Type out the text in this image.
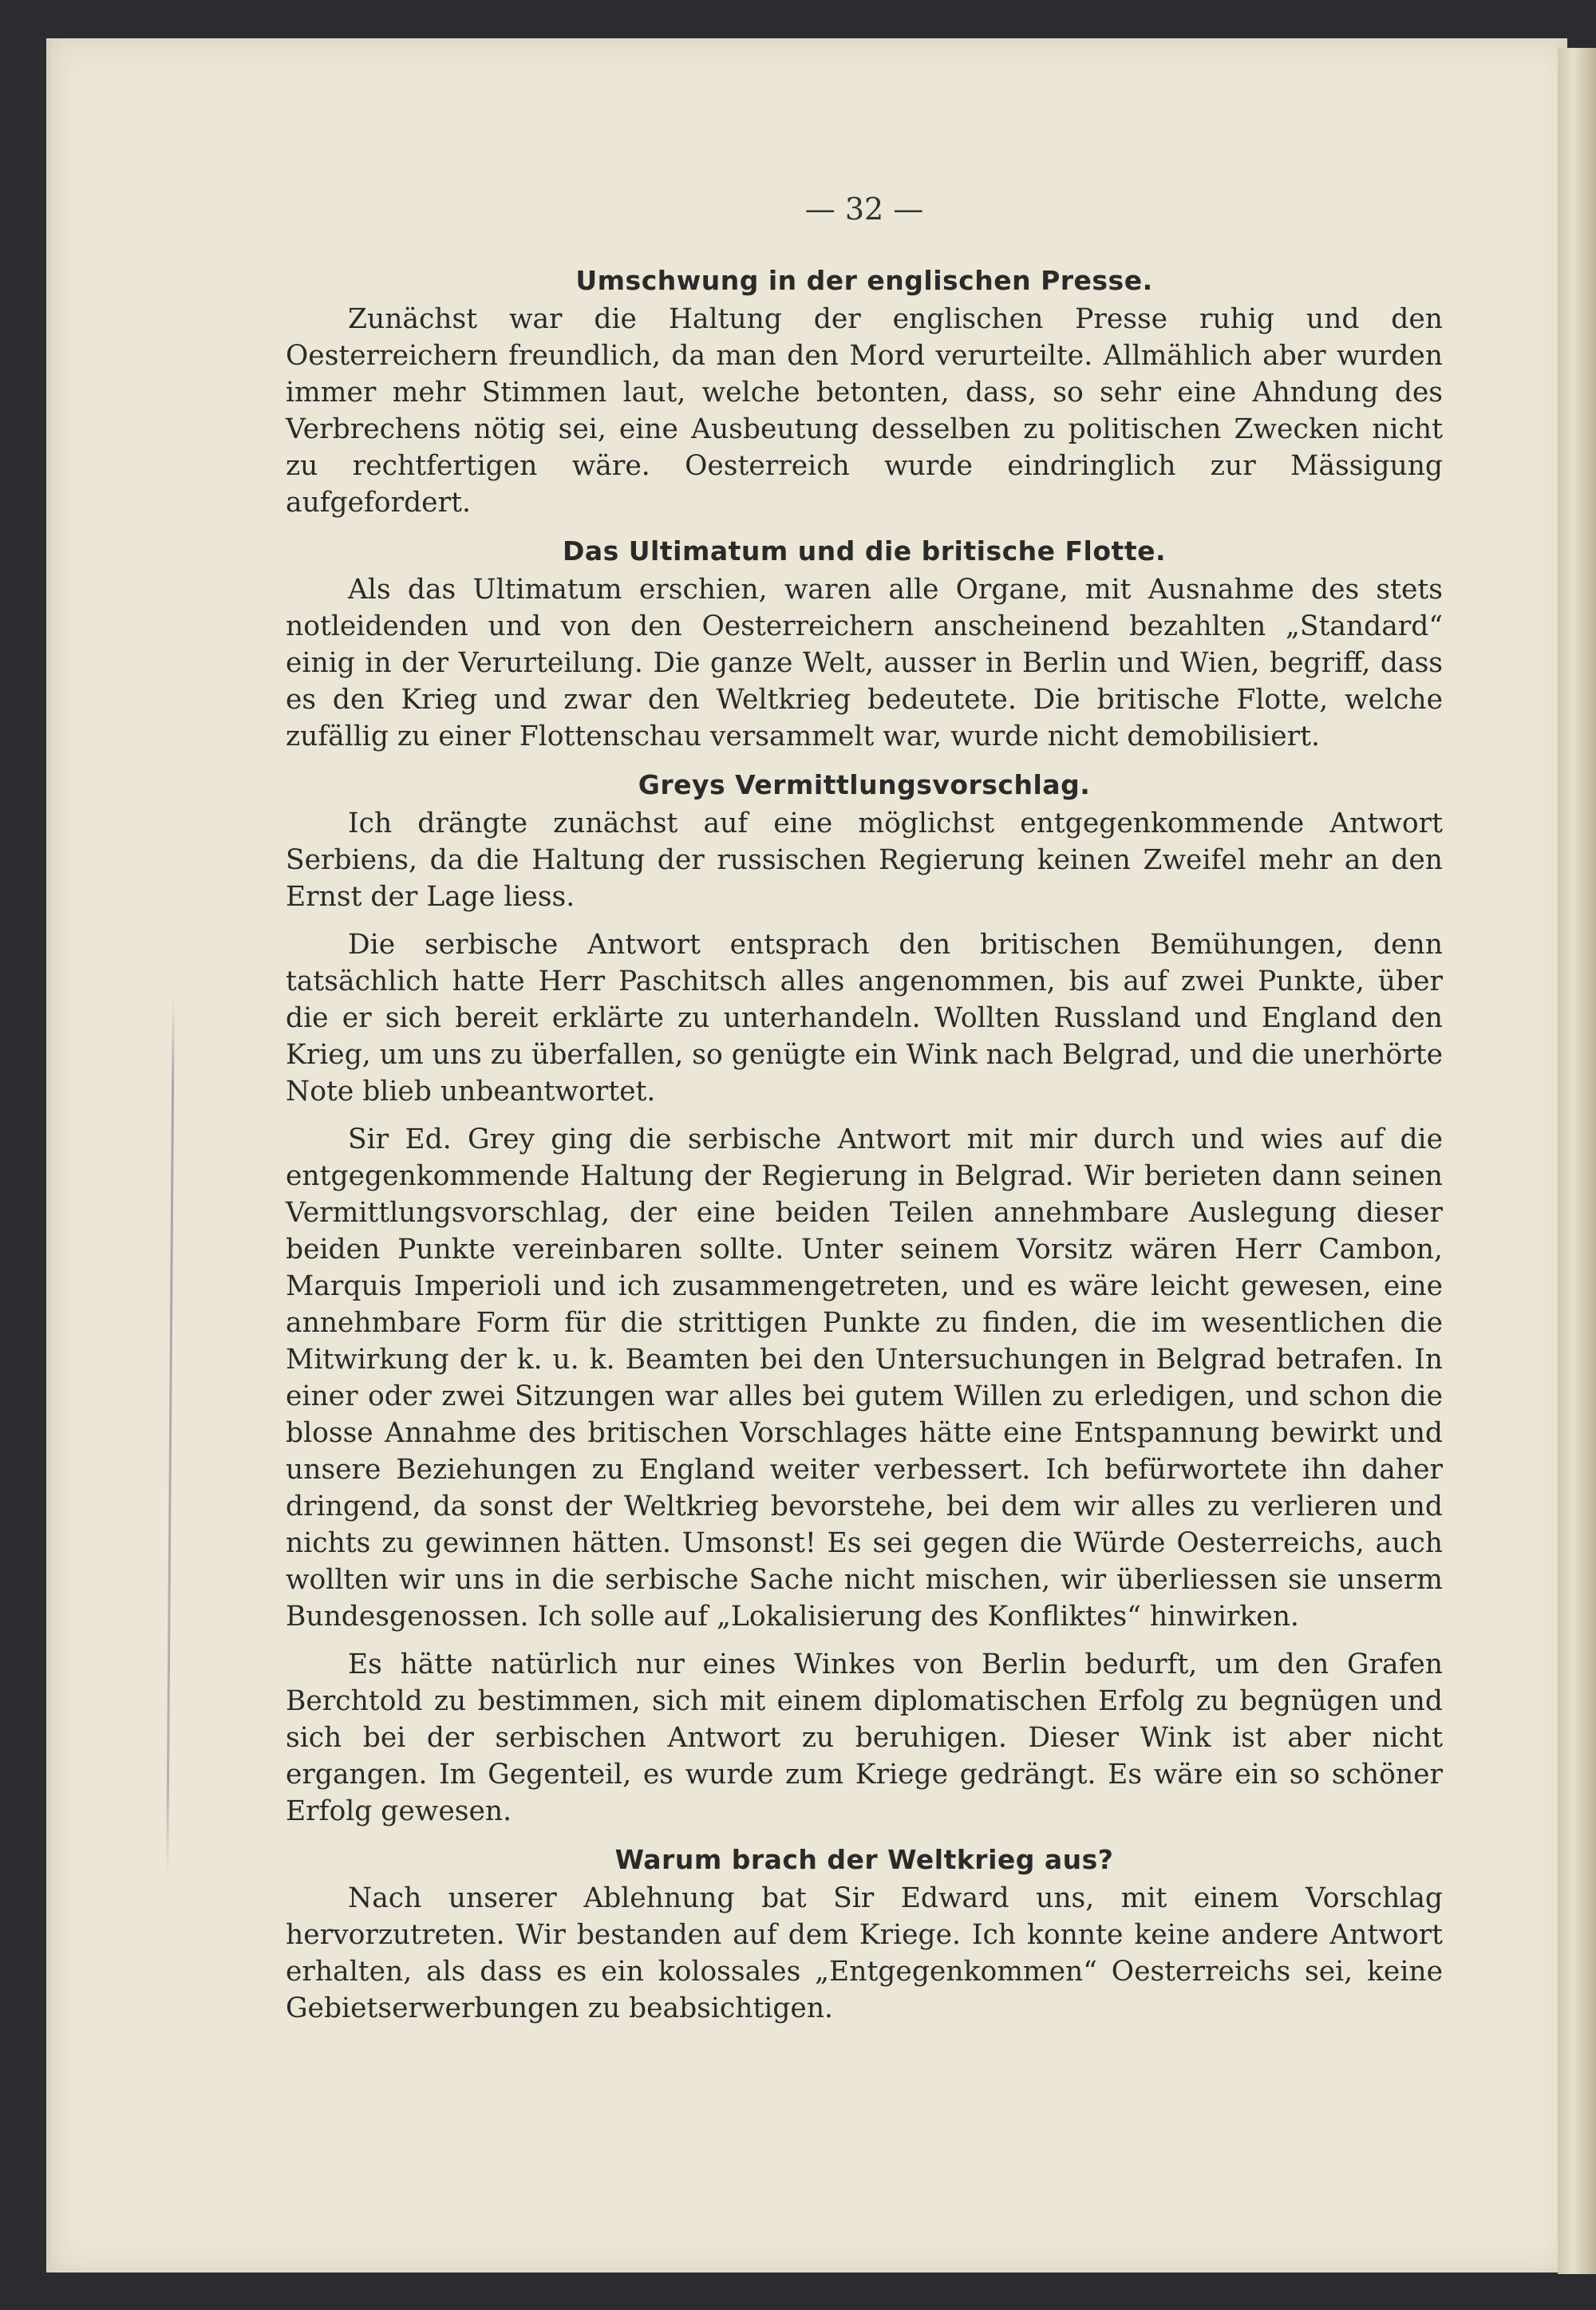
— 32 —
Umschwung in der englischen Presse.

Zunächst war die Haltung der englischen Presse ruhig und den Oesterreichern freundlich, da man den Mord verurteilte. Allmählich aber wurden immer mehr Stimmen laut, welche betonten, dass, so sehr eine Ahndung des Verbrechens nötig sei, eine Ausbeutung desselben zu politischen Zwecken nicht zu rechtfertigen wäre. Oesterreich wurde eindringlich zur Mässigung aufgefordert.

Das Ultimatum und die britische Flotte.

Als das Ultimatum erschien, waren alle Organe, mit Ausnahme des stets notleidenden und von den Oesterreichern anscheinend bezahlten „Standard“ einig in der Verurteilung. Die ganze Welt, ausser in Berlin und Wien, begriff, dass es den Krieg und zwar den Weltkrieg bedeutete. Die britische Flotte, welche zufällig zu einer Flottenschau versammelt war, wurde nicht demobilisiert.

Greys Vermittlungsvorschlag.

Ich drängte zunächst auf eine möglichst entgegenkommende Antwort Serbiens, da die Haltung der russischen Regierung keinen Zweifel mehr an den Ernst der Lage liess.

Die serbische Antwort entsprach den britischen Bemühungen, denn tatsächlich hatte Herr Paschitsch alles angenommen, bis auf zwei Punkte, über die er sich bereit erklärte zu unterhandeln. Wollten Russland und England den Krieg, um uns zu überfallen, so genügte ein Wink nach Belgrad, und die unerhörte Note blieb unbeantwortet.

Sir Ed. Grey ging die serbische Antwort mit mir durch und wies auf die entgegenkommende Haltung der Regierung in Belgrad. Wir berieten dann seinen Vermittlungsvorschlag, der eine beiden Teilen annehmbare Auslegung dieser beiden Punkte vereinbaren sollte. Unter seinem Vorsitz wären Herr Cambon, Marquis Imperioli und ich zusammengetreten, und es wäre leicht gewesen, eine annehmbare Form für die strittigen Punkte zu finden, die im wesentlichen die Mitwirkung der k. u. k. Beamten bei den Untersuchungen in Belgrad betrafen. In einer oder zwei Sitzungen war alles bei gutem Willen zu erledigen, und schon die blosse Annahme des britischen Vorschlages hätte eine Entspannung bewirkt und unsere Beziehungen zu England weiter verbessert. Ich befürwortete ihn daher dringend, da sonst der Weltkrieg bevorstehe, bei dem wir alles zu verlieren und nichts zu gewinnen hätten. Umsonst! Es sei gegen die Würde Oesterreichs, auch wollten wir uns in die serbische Sache nicht mischen, wir überliessen sie unserm Bundesgenossen. Ich solle auf „Lokalisierung des Konfliktes“ hinwirken.

Es hätte natürlich nur eines Winkes von Berlin bedurft, um den Grafen Berchtold zu bestimmen, sich mit einem diplomatischen Erfolg zu begnügen und sich bei der serbischen Antwort zu beruhigen. Dieser Wink ist aber nicht ergangen. Im Gegenteil, es wurde zum Kriege gedrängt. Es wäre ein so schöner Erfolg gewesen.

Warum brach der Weltkrieg aus?

Nach unserer Ablehnung bat Sir Edward uns, mit einem Vorschlag hervorzutreten. Wir bestanden auf dem Kriege. Ich konnte keine andere Antwort erhalten, als dass es ein kolossales „Entgegenkommen“ Oesterreichs sei, keine Gebietserwerbungen zu beabsichtigen.
